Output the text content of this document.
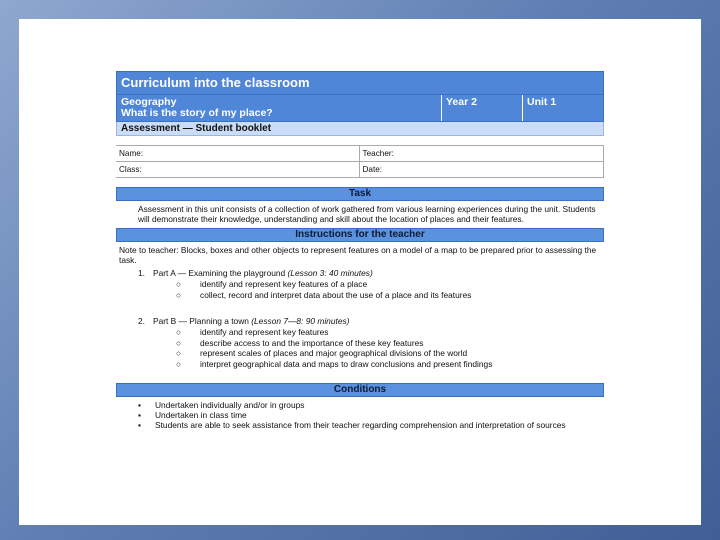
Curriculum into the classroom
Geography
What is the story of my place?
Year 2	Unit 1
Assessment — Student booklet
Name:	Teacher:
Class:	Date:
Task
Assessment in this unit consists of a collection of work gathered from various learning experiences during the unit. Students will demonstrate their knowledge, understanding and skill about the location of places and their features.
Instructions for the teacher
Note to teacher: Blocks, boxes and other objects to represent features on a model of a map to be prepared prior to assessing the task.
1. Part A — Examining the playground (Lesson 3: 40 minutes)
○	identify and represent key features of a place
○	collect, record and interpret data about the use of a place and its features
2. Part B — Planning a town (Lesson 7—8: 90 minutes)
○	identify and represent key features
○	describe access to and the importance of these key features
○	represent scales of places and major geographical divisions of the world
○	interpret geographical data and maps to draw conclusions and present findings
Conditions
▪ Undertaken individually and/or in groups
▪ Undertaken in class time
▪ Students are able to seek assistance from their teacher regarding comprehension and interpretation of sources
